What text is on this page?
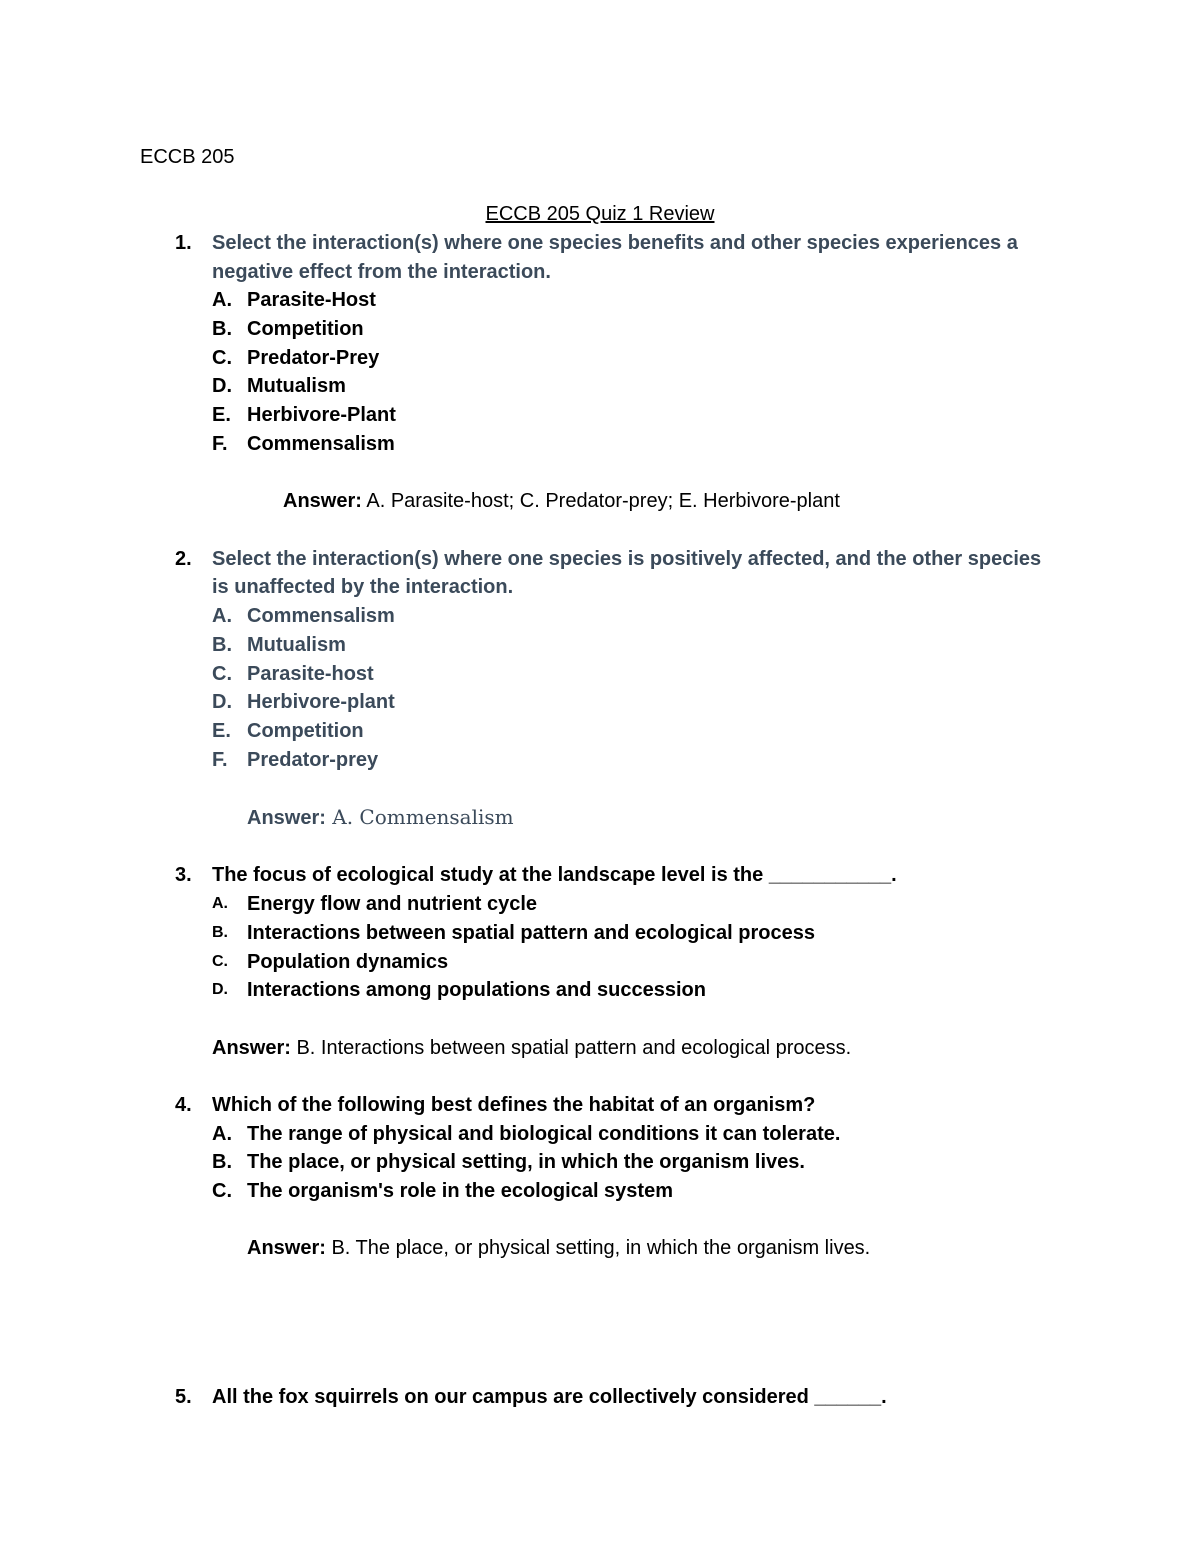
ECCB 205
ECCB 205 Quiz 1 Review
1. Select the interaction(s) where one species benefits and other species experiences a
negative effect from the interaction.
A. Parasite-Host
B. Competition
C. Predator-Prey
D. Mutualism
E. Herbivore-Plant
F. Commensalism
Answer: A. Parasite-host; C. Predator-prey; E. Herbivore-plant
2. Select the interaction(s) where one species is positively affected, and the other species
is unaffected by the interaction.
A. Commensalism
B. Mutualism
C. Parasite-host
D. Herbivore-plant
E. Competition
F. Predator-prey
Answer: A. Commensalism
3. The focus of ecological study at the landscape level is the ___________.
A. Energy flow and nutrient cycle
B. Interactions between spatial pattern and ecological process
C. Population dynamics
D. Interactions among populations and succession
Answer: B. Interactions between spatial pattern and ecological process.
4. Which of the following best defines the habitat of an organism?
A. The range of physical and biological conditions it can tolerate.
B. The place, or physical setting, in which the organism lives.
C. The organism's role in the ecological system
Answer: B. The place, or physical setting, in which the organism lives.
5. All the fox squirrels on our campus are collectively considered ______.
